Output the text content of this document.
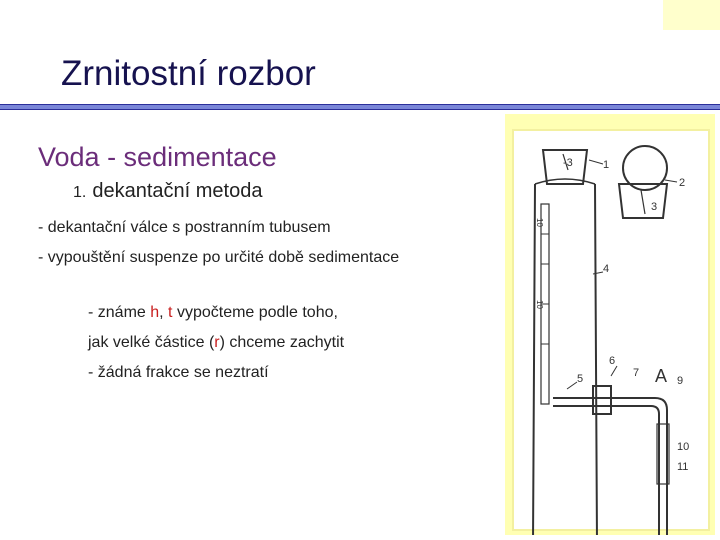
Zrnitostní rozbor
Voda - sedimentace
1. dekantační metoda
- dekantační válce s postranním tubusem
- vypouštění suspenze po určité době sedimentace
- známe h, t vypočteme podle toho,
jak velké částice (r) chceme zachytit
- žádná frakce se neztratí
-3	1
2
3
4
5
6
7 A 9
10
11
10
10
